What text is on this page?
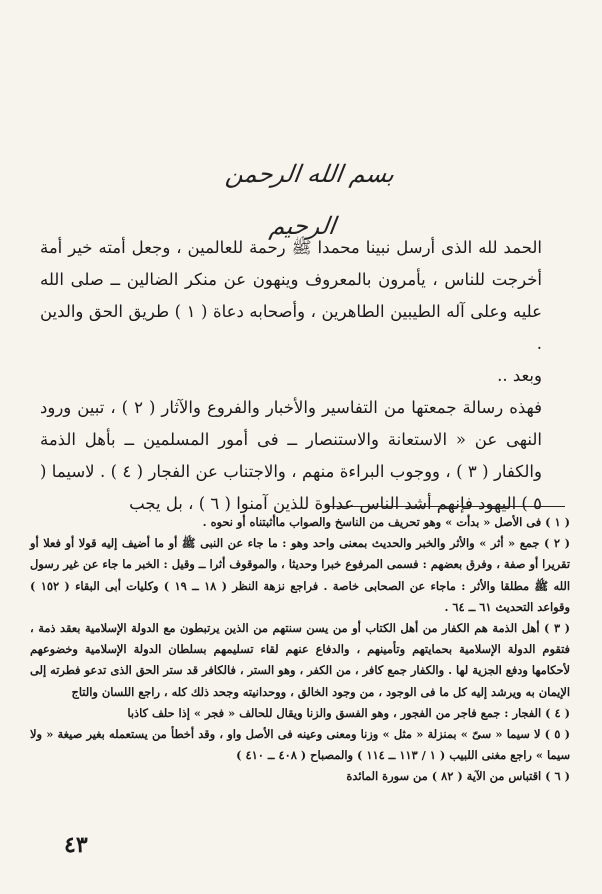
بسم الله الرحمن الرحيم

الحمد لله الذى أرسل نبينا محمدا ﷺ رحمة للعالمين ، وجعل أمته خير أمة أخرجت للناس ، يأمرون بالمعروف وينهون عن منكر الضالين ــ صلى الله عليه وعلى آله الطيبين الطاهرين ، وأصحابه دعاة ( ١ ) طريق الحق والدين .

وبعد ..

فهذه رسالة جمعتها من التفاسير والأخبار والفروع والآثار ( ٢ ) ، تبين ورود النهى عن « الاستعانة والاستنصار ــ فى أمور المسلمين ــ بأهل الذمة والكفار ( ٣ ) ، ووجوب البراءة منهم ، والاجتناب عن الفجار ( ٤ ) . لاسيما ( ٥ ) اليهود فإنهم أشد الناس عداوة للذين آمنوا ( ٦ ) ، بل يجب

( ١ ) فى الأصل « بدأت » وهو تحريف من الناسخ والصواب ماأثبتناه أو نحوه .

( ٢ ) جمع « أثر » والأثر والخبر والحديث بمعنى واحد وهو : ما جاء عن النبى ﷺ أو ما أضيف إليه قولا أو فعلا أو تقريرا أو صفة ، وفرق بعضهم : فسمى المرفوع خبرا وحديثا ، والموقوف أثرا ــ وقيل : الخبر ما جاء عن غير رسول الله ﷺ مطلقا والأثر : ماجاء عن الصحابى خاصة . فراجع نزهة النظر ( ١٨ ــ ١٩ ) وكليات أبى البقاء ( ١٥٢ ) وقواعد التحديث ٦١ ــ ٦٤ .

( ٣ ) أهل الذمة هم الكفار من أهل الكتاب أو من يسن سنتهم من الذين يرتبطون مع الدولة الإسلامية بعقد ذمة ، فتقوم الدولة الإسلامية بحمايتهم وتأمينهم ، والدفاع عنهم لقاء تسليمهم بسلطان الدولة الإسلامية وخضوعهم لأحكامها ودفع الجزية لها . والكفار جمع كافر ، من الكفر ، وهو الستر ، فالكافر قد ستر الحق الذى تدعو فطرته إلى الإيمان به ويرشد إليه كل ما فى الوجود ، من وجود الخالق ، ووحدانيته وجحد ذلك كله ، راجع اللسان والتاج

( ٤ ) الفجار : جمع فاجر من الفجور ، وهو الفسق والزنا ويقال للحالف « فجر » إذا حلف كاذبا

( ٥ ) لا سيما « سىّ » بمنزلة « مثل » وزنا ومعنى وعينه فى الأصل واو ، وقد أخطأ من يستعمله بغير صيغة « ولا سيما » راجع مغنى اللبيب ( ١ / ١١٣ ــ ١١٤ ) والمصباح ( ٤٠٨ ــ ٤١٠ )

( ٦ ) اقتباس من الآية ( ٨٢ ) من سورة المائدة

٤٣
